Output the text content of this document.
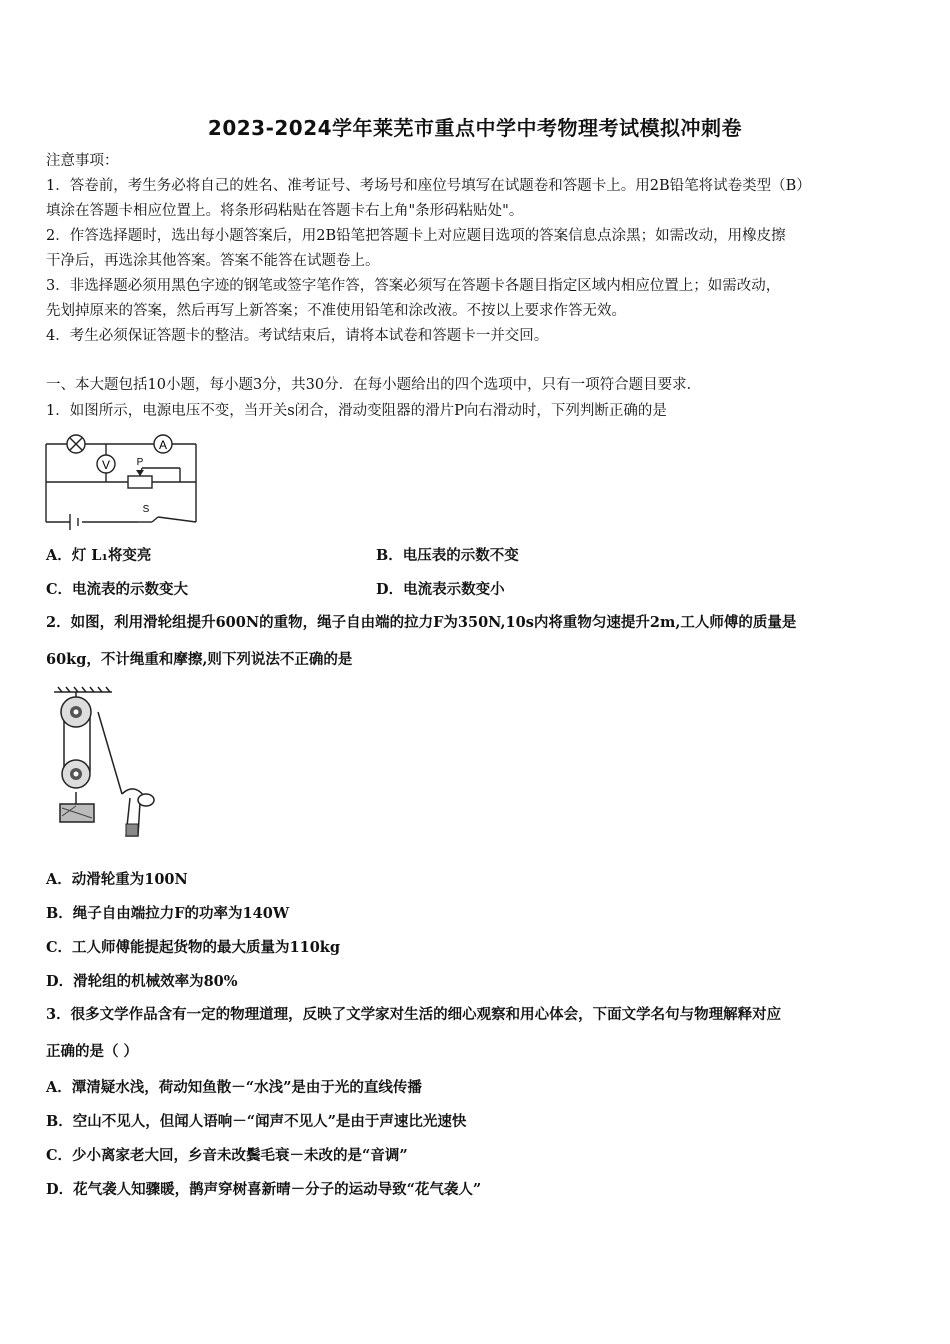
2023-2024学年莱芜市重点中学中考物理考试模拟冲刺卷
注意事项：
1．答卷前，考生务必将自己的姓名、准考证号、考场号和座位号填写在试题卷和答题卡上。用2B铅笔将试卷类型（B）
填涂在答题卡相应位置上。将条形码粘贴在答题卡右上角"条形码粘贴处"。
2．作答选择题时，选出每小题答案后，用2B铅笔把答题卡上对应题目选项的答案信息点涂黑；如需改动，用橡皮擦
干净后，再选涂其他答案。答案不能答在试题卷上。
3．非选择题必须用黑色字迹的钢笔或签字笔作答，答案必须写在答题卡各题目指定区域内相应位置上；如需改动，
先划掉原来的答案，然后再写上新答案；不准使用铅笔和涂改液。不按以上要求作答无效。
4．考生必须保证答题卡的整洁。考试结束后，请将本试卷和答题卡一并交回。
一、本大题包括10小题，每小题3分，共30分．在每小题给出的四个选项中，只有一项符合题目要求．
1．如图所示，电源电压不变，当开关s闭合，滑动变阻器的滑片P向右滑动时，下列判断正确的是
A
V	P
S
A．灯 L₁将变亮	B．电压表的示数不变
C．电流表的示数变大	D．电流表示数变小
2．如图，利用滑轮组提升600N的重物，绳子自由端的拉力F为350N,10s内将重物匀速提升2m,工人师傅的质量是
60kg，不计绳重和摩擦,则下列说法不正确的是
A．动滑轮重为100N
B．绳子自由端拉力F的功率为140W
C．工人师傅能提起货物的最大质量为110kg
D．滑轮组的机械效率为80%
3．很多文学作品含有一定的物理道理，反映了文学家对生活的细心观察和用心体会，下面文学名句与物理解释对应
正确的是（ ）
A．潭清疑水浅，荷动知鱼散－“水浅”是由于光的直线传播
B．空山不见人，但闻人语响－“闻声不见人”是由于声速比光速快
C．少小离家老大回，乡音未改鬓毛衰－未改的是“音调”
D．花气袭人知骤暖，鹊声穿树喜新晴－分子的运动导致“花气袭人”
